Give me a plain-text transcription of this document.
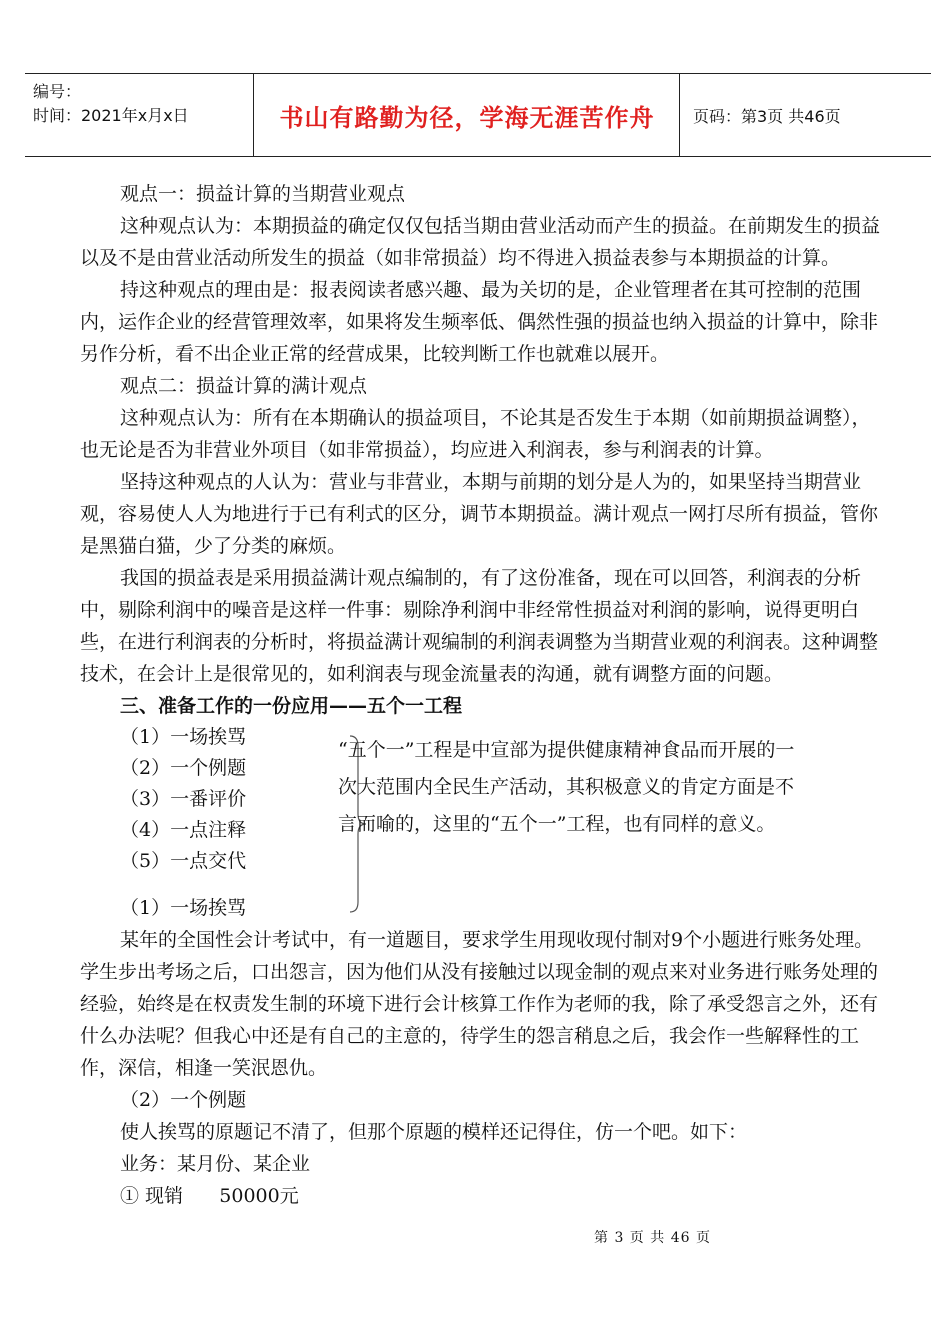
编号：
时间：2021年x月x日	书山有路勤为径，学海无涯苦作舟	页码：第3页 共46页

观点一：损益计算的当期营业观点

这种观点认为：本期损益的确定仅仅包括当期由营业活动而产生的损益。在前期发生的损益以及不是由营业活动所发生的损益（如非常损益）均不得进入损益表参与本期损益的计算。

持这种观点的理由是：报表阅读者感兴趣、最为关切的是，企业管理者在其可控制的范围内，运作企业的经营管理效率，如果将发生频率低、偶然性强的损益也纳入损益的计算中，除非另作分析，看不出企业正常的经营成果，比较判断工作也就难以展开。

观点二：损益计算的满计观点

这种观点认为：所有在本期确认的损益项目，不论其是否发生于本期（如前期损益调整），也无论是否为非营业外项目（如非常损益），均应进入利润表，参与利润表的计算。

坚持这种观点的人认为：营业与非营业，本期与前期的划分是人为的，如果坚持当期营业观，容易使人人为地进行于已有利式的区分，调节本期损益。满计观点一网打尽所有损益，管你是黑猫白猫，少了分类的麻烦。

我国的损益表是采用损益满计观点编制的，有了这份准备，现在可以回答，利润表的分析中，剔除利润中的噪音是这样一件事：剔除净利润中非经常性损益对利润的影响，说得更明白些，在进行利润表的分析时，将损益满计观编制的利润表调整为当期营业观的利润表。这种调整技术，在会计上是很常见的，如利润表与现金流量表的沟通，就有调整方面的问题。

三、准备工作的一份应用——五个一工程

（1）一场挨骂
（2）一个例题
（3）一番评价
（4）一点注释
（5）一点交代
“五个一”工程是中宣部为提供健康精神食品而开展的一次大范围内全民生产活动，其积极意义的肯定方面是不言而喻的，这里的“五个一”工程，也有同样的意义。

（1）一场挨骂

某年的全国性会计考试中，有一道题目，要求学生用现收现付制对9个小题进行账务处理。学生步出考场之后，口出怨言，因为他们从没有接触过以现金制的观点来对业务进行账务处理的经验，始终是在权责发生制的环境下进行会计核算工作作为老师的我，除了承受怨言之外，还有什么办法呢？但我心中还是有自己的主意的，待学生的怨言稍息之后，我会作一些解释性的工作，深信，相逢一笑泯恩仇。

（2）一个例题

使人挨骂的原题记不清了，但那个原题的模样还记得住，仿一个吧。如下：

业务：某月份、某企业

① 现销      50000元

第 3 页 共 46 页
